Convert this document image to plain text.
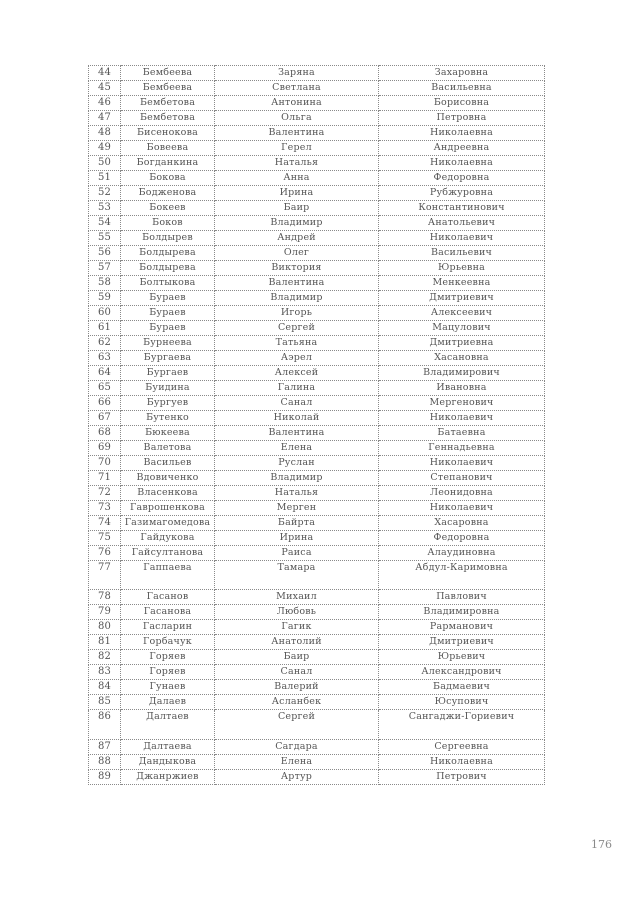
44	Бембеева	Заряна	Захаровна
45	Бембеева	Светлана	Васильевна
46	Бембетова	Антонина	Борисовна
47	Бембетова	Ольга	Петровна
48	Бисенокова	Валентина	Николаевна
49	Бовеева	Герел	Андреевна
50	Богданкина	Наталья	Николаевна
51	Бокова	Анна	Федоровна
52	Бодженова	Ирина	Рубжуровна
53	Бокеев	Баир	Константинович
54	Боков	Владимир	Анатольевич
55	Болдырев	Андрей	Николаевич
56	Болдырева	Олег	Васильевич
57	Болдырева	Виктория	Юрьевна
58	Болтыкова	Валентина	Менкеевна
59	Бураев	Владимир	Дмитриевич
60	Бураев	Игорь	Алексеевич
61	Бураев	Сергей	Мацулович
62	Бурнеева	Татьяна	Дмитриевна
63	Бургаева	Аэрел	Хасановна
64	Бургаев	Алексей	Владимирович
65	Буидина	Галина	Ивановна
66	Бургуев	Санал	Мергенович
67	Бутенко	Николай	Николаевич
68	Бюкеева	Валентина	Батаевна
69	Валетова	Елена	Геннадьевна
70	Васильев	Руслан	Николаевич
71	Вдовиченко	Владимир	Степанович
72	Власенкова	Наталья	Леонидовна
73	Гаврошенкова	Мерген	Николаевич
74	Газимагомедова	Байрта	Хасаровна
75	Гайдукова	Ирина	Федоровна
76	Гайсултанова	Раиса	Алаудиновна
77	Гаппаева	Тамара	Абдул-Каримовна
78	Гасанов	Михаил	Павлович
79	Гасанова	Любовь	Владимировна
80	Гасларин	Гагик	Рарманович
81	Горбачук	Анатолий	Дмитриевич
82	Горяев	Баир	Юрьевич
83	Горяев	Санал	Александрович
84	Гунаев	Валерий	Бадмаевич
85	Далаев	Асланбек	Юсупович
86	Далтаев	Сергей	Сангаджи-Гориевич
87	Далтаева	Сагдара	Сергеевна
88	Дандыкова	Елена	Николаевна
89	Джанржиев	Артур	Петрович
176
